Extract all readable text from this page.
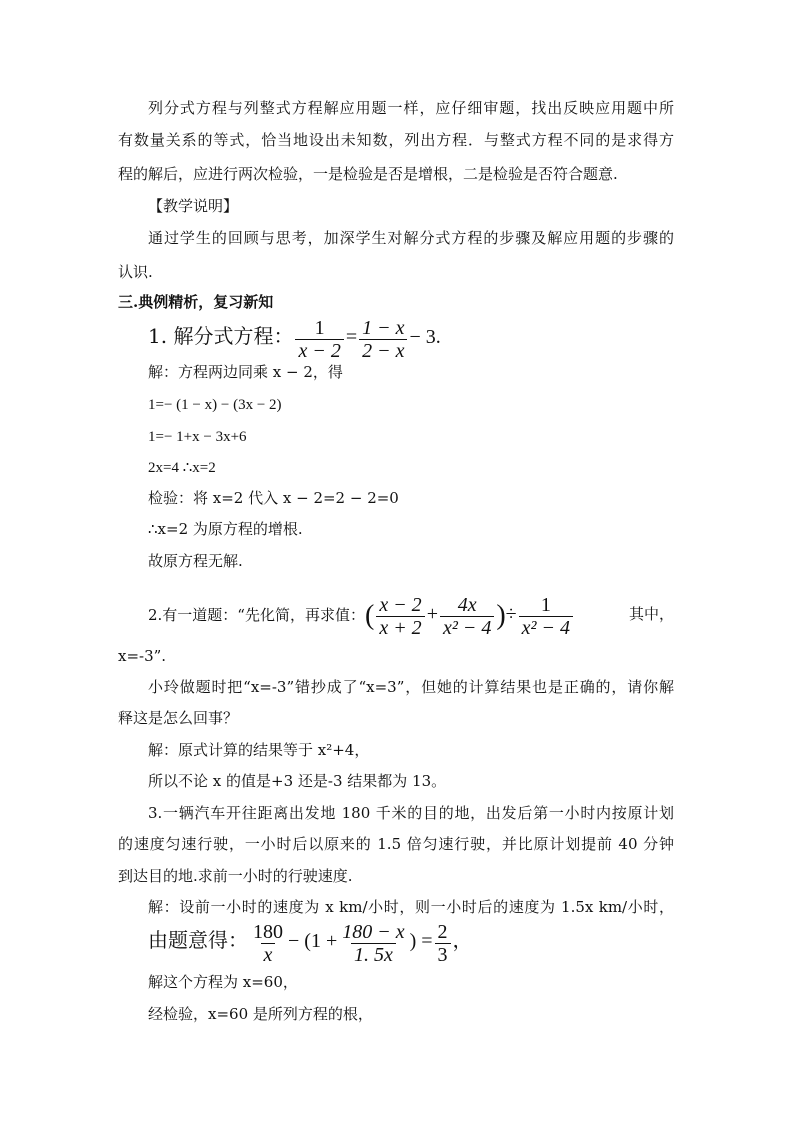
列分式方程与列整式方程解应用题一样，应仔细审题，找出反映应用题中所
有数量关系的等式，恰当地设出未知数，列出方程．与整式方程不同的是求得方
程的解后，应进行两次检验，一是检验是否是增根，二是检验是否符合题意.
【教学说明】
通过学生的回顾与思考，加深学生对解分式方程的步骤及解应用题的步骤的
认识.
三.典例精析，复习新知
1. 解分式方程： $\frac{1}{x - 2} = \frac{1 - x}{2 - x} - 3$.
解：方程两边同乘 x − 2，得
1=− (1 − x) − (3x − 2)
1=− 1+x − 3x+6
2x=4 ∴x=2
检验：将 x=2 代入 x − 2=2 − 2=0
∴x=2 为原方程的增根.
故原方程无解.
2.有一道题：“先化简，再求值：( $\frac{x - 2}{x + 2} + \frac{4x}{\text{x² − 4}}$ )÷ $\frac{1}{\text{x² − 4}}$	其中，
x=-3”.
小玲做题时把“x=-3”错抄成了“x=3”，但她的计算结果也是正确的，请你解
释这是怎么回事？
解：原式计算的结果等于 x²+4，
所以不论 x 的值是+3 还是-3 结果都为 13。
3.一辆汽车开往距离出发地 180 千米的目的地，出发后第一小时内按原计划
的速度匀速行驶，一小时后以原来的 1.5 倍匀速行驶，并比原计划提前 40 分钟
到达目的地.求前一小时的行驶速度.
解：设前一小时的速度为 x km/小时，则一小时后的速度为 1.5x km/小时，
由题意得： $\frac{180}{x} - (1 + \frac{180 - x}{1. 5x}$ ) = $\frac{2}{3}$ ，
解这个方程为 x=60，
经检验，x=60 是所列方程的根，
